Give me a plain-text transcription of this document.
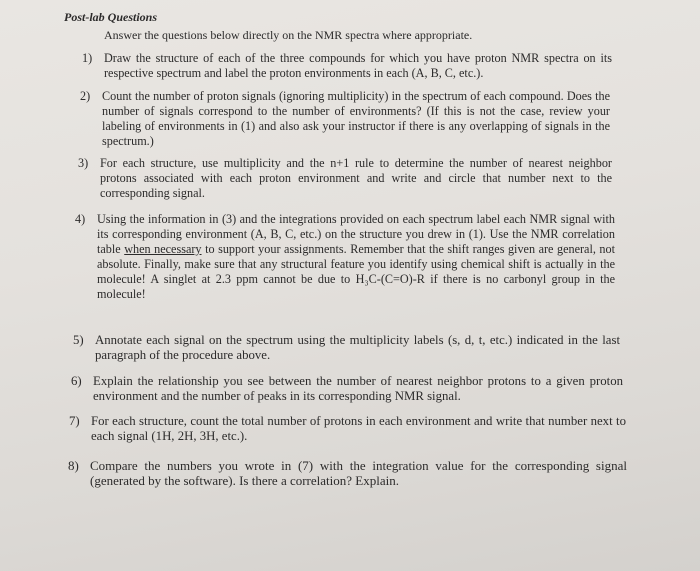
Post-lab Questions
Answer the questions below directly on the NMR spectra where appropriate.
1) Draw the structure of each of the three compounds for which you have proton NMR spectra on its respective spectrum and label the proton environments in each (A, B, C, etc.).
2) Count the number of proton signals (ignoring multiplicity) in the spectrum of each compound. Does the number of signals correspond to the number of environments? (If this is not the case, review your labeling of environments in (1) and also ask your instructor if there is any overlapping of signals in the spectrum.)
3) For each structure, use multiplicity and the n+1 rule to determine the number of nearest neighbor protons associated with each proton environment and write and circle that number next to the corresponding signal.
4) Using the information in (3) and the integrations provided on each spectrum label each NMR signal with its corresponding environment (A, B, C, etc.) on the structure you drew in (1). Use the NMR correlation table when necessary to support your assignments. Remember that the shift ranges given are general, not absolute. Finally, make sure that any structural feature you identify using chemical shift is actually in the molecule! A singlet at 2.3 ppm cannot be due to H₃C-(C=O)-R if there is no carbonyl group in the molecule!
5) Annotate each signal on the spectrum using the multiplicity labels (s, d, t, etc.) indicated in the last paragraph of the procedure above.
6) Explain the relationship you see between the number of nearest neighbor protons to a given proton environment and the number of peaks in its corresponding NMR signal.
7) For each structure, count the total number of protons in each environment and write that number next to each signal (1H, 2H, 3H, etc.).
8) Compare the numbers you wrote in (7) with the integration value for the corresponding signal (generated by the software). Is there a correlation? Explain.
